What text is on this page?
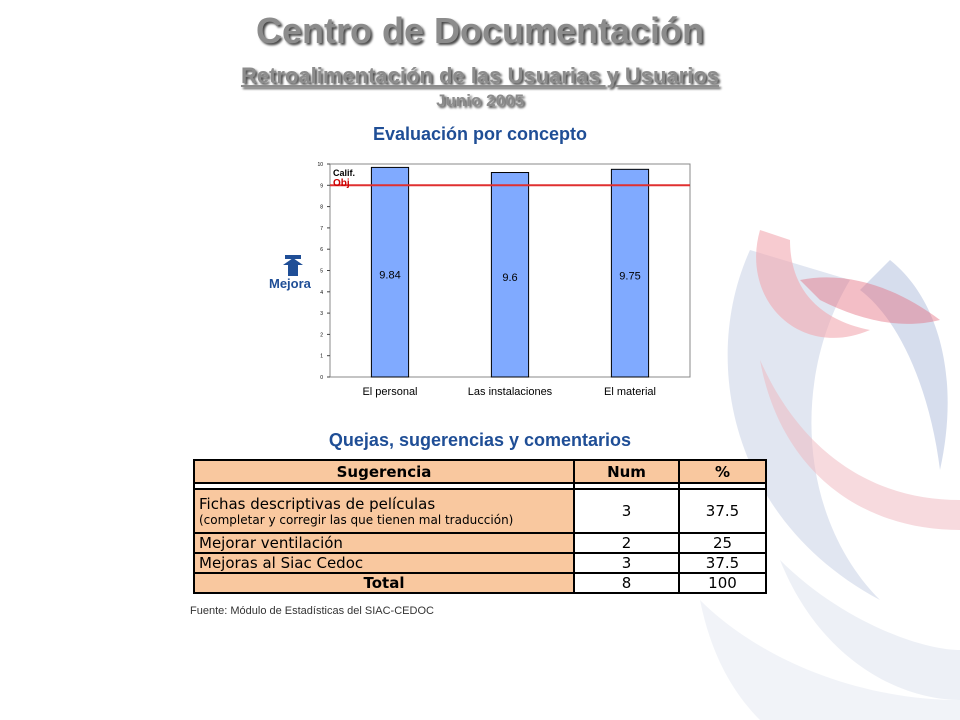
Centro de Documentación
Retroalimentación de las Usuarias y Usuarios
Junio 2005
Evaluación por concepto
0
1
2
3
4
5
6
7
8
9
10
9.84
El personal
9.6
Las instalaciones
9.75
El material
Calif.
Obj
Mejora
Quejas, sugerencias y comentarios
Sugerencia	Num	%

Fichas descriptivas de películas
(completar y corregir las que tienen mal traducción)	3	37.5
Mejorar ventilación	2	25
Mejoras al Siac Cedoc	3	37.5
Total	8	100
Fuente: Módulo de Estadísticas del SIAC-CEDOC
